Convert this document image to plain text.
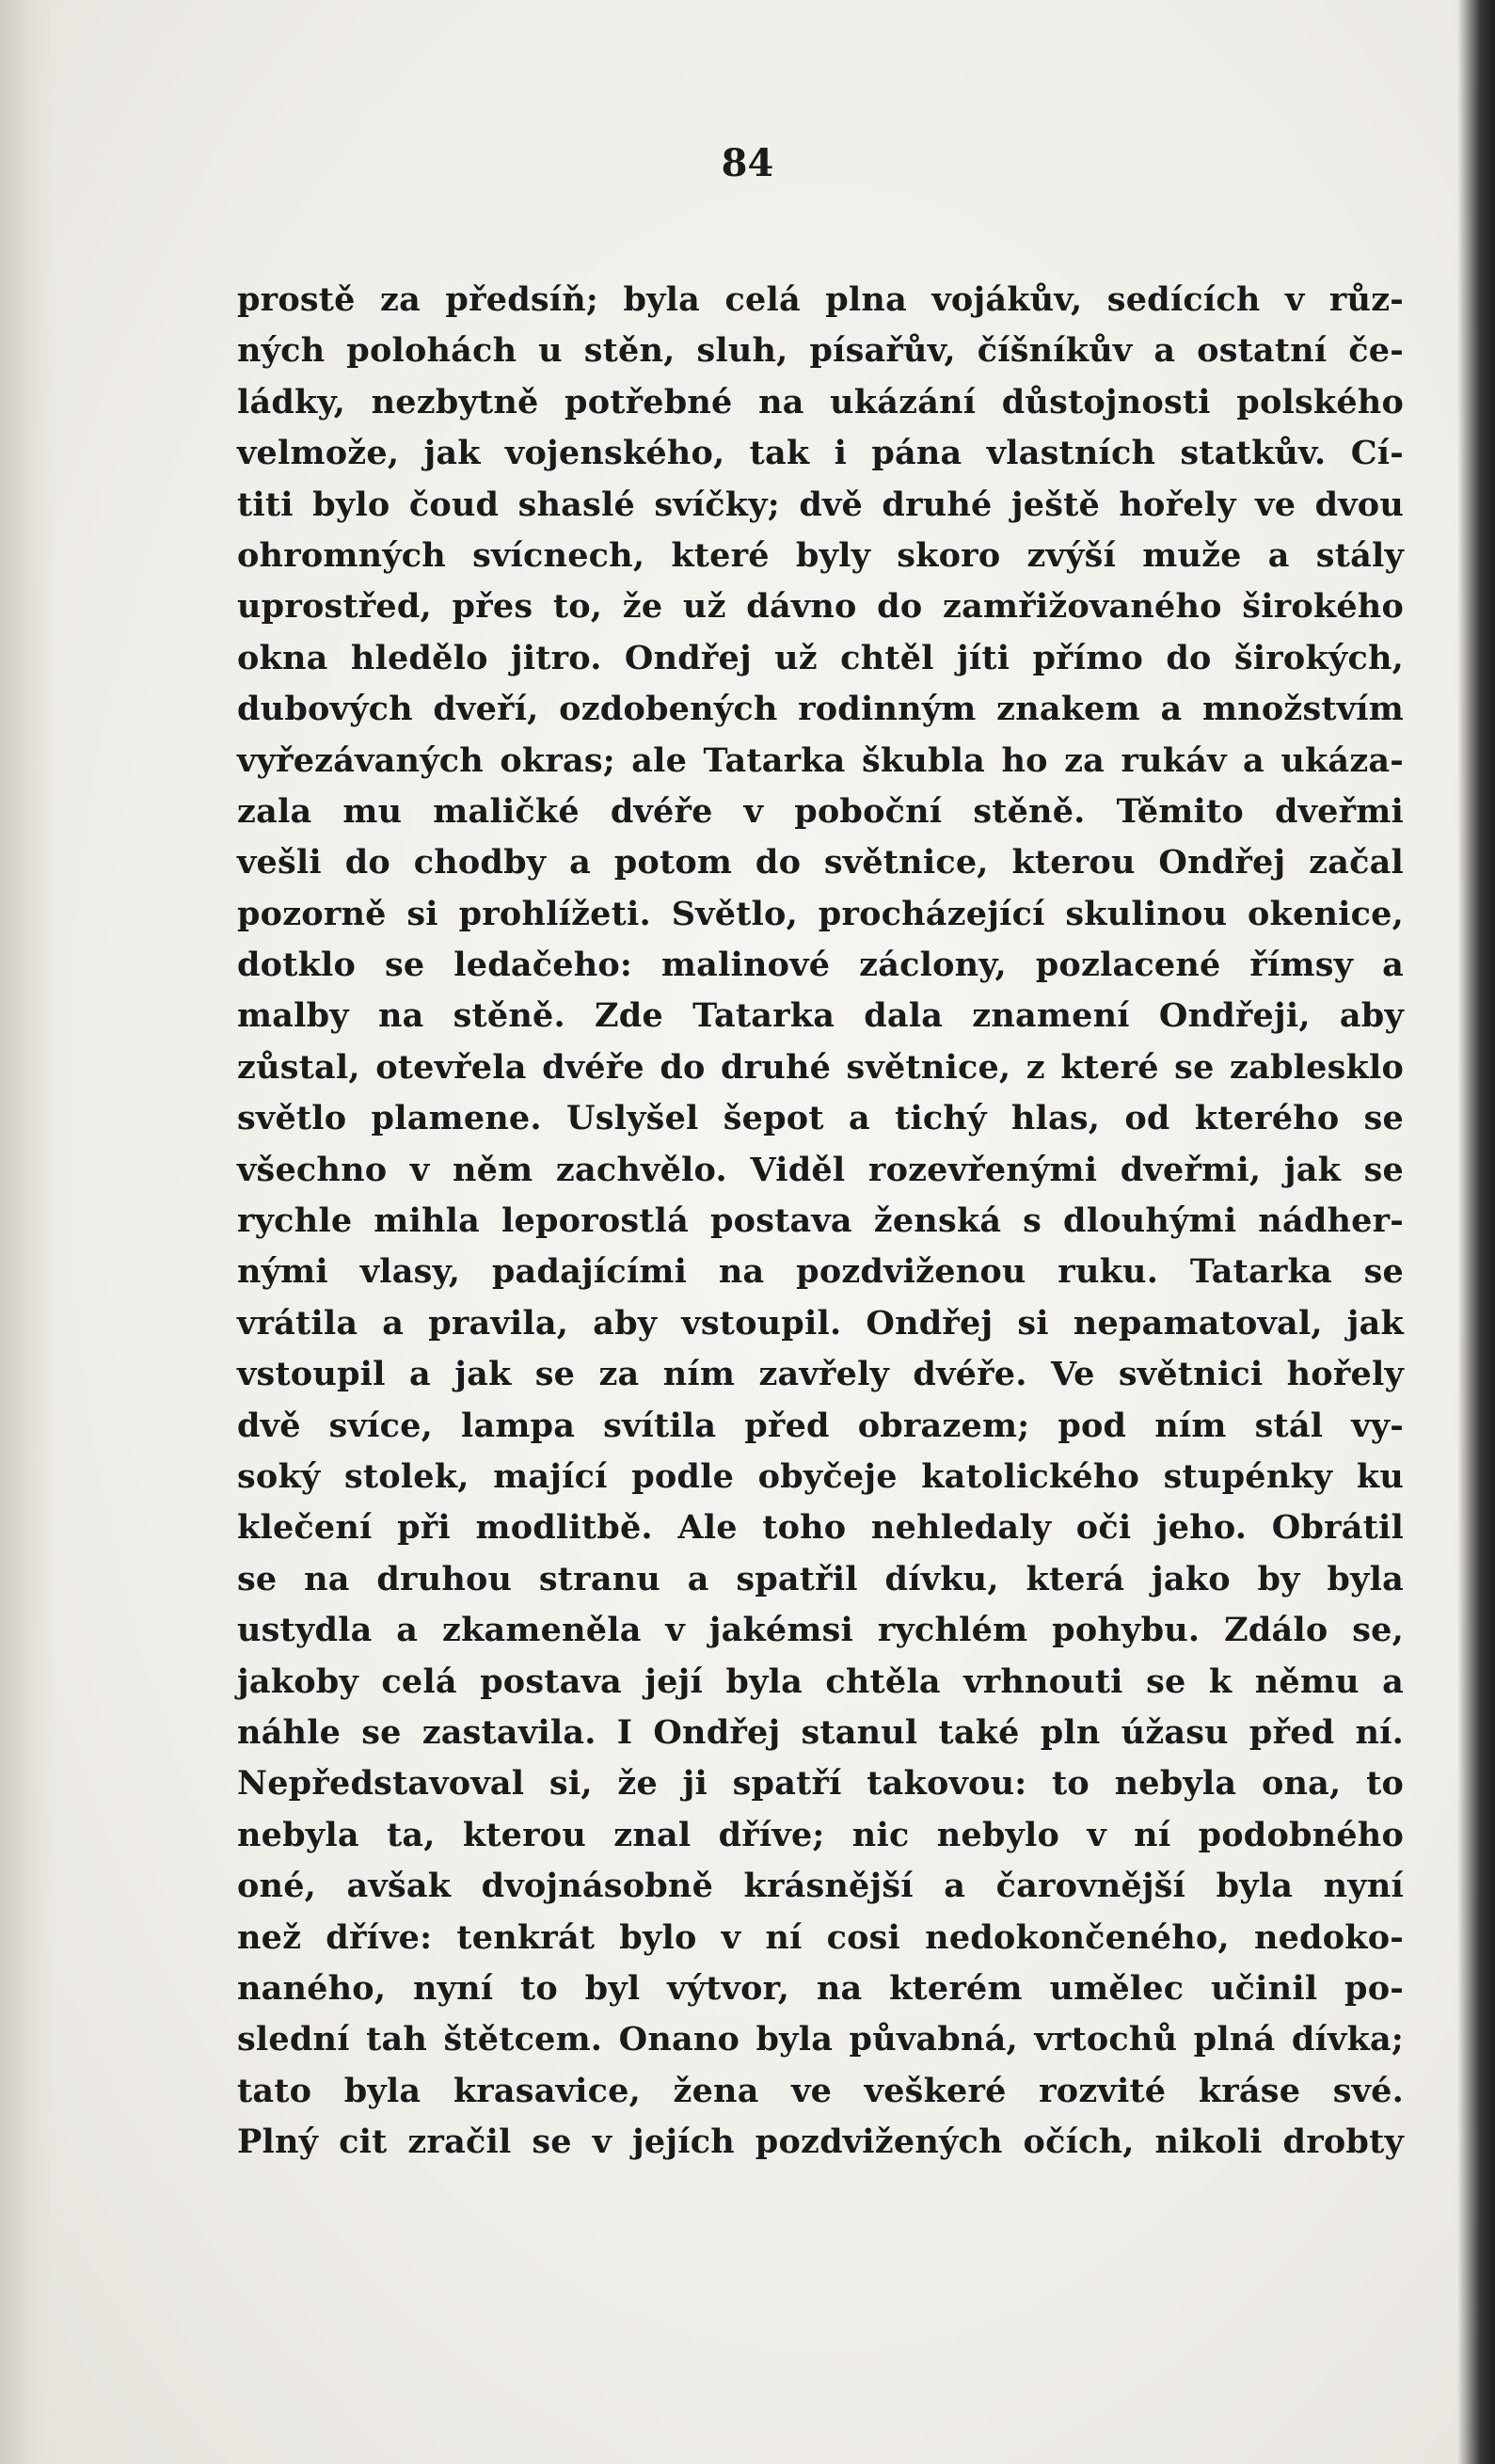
84
prostě za předsíň; byla celá plna vojákův, sedících v růz-
ných polohách u stěn, sluh, písařův, číšníkův a ostatní če-
ládky, nezbytně potřebné na ukázání důstojnosti polského
velmože, jak vojenského, tak i pána vlastních statkův. Cí-
titi bylo čoud shaslé svíčky; dvě druhé ještě hořely ve dvou
ohromných svícnech, které byly skoro zvýší muže a stály
uprostřed, přes to, že už dávno do zamřižovaného širokého
okna hledělo jitro. Ondřej už chtěl jíti přímo do širokých,
dubových dveří, ozdobených rodinným znakem a množstvím
vyřezávaných okras; ale Tatarka škubla ho za rukáv a ukáza-
zala mu maličké dvéře v poboční stěně. Těmito dveřmi
vešli do chodby a potom do světnice, kterou Ondřej začal
pozorně si prohlížeti. Světlo, procházející skulinou okenice,
dotklo se ledačeho: malinové záclony, pozlacené římsy a
malby na stěně. Zde Tatarka dala znamení Ondřeji, aby
zůstal, otevřela dvéře do druhé světnice, z které se zablesklo
světlo plamene. Uslyšel šepot a tichý hlas, od kterého se
všechno v něm zachvělo. Viděl rozevřenými dveřmi, jak se
rychle mihla leporostlá postava ženská s dlouhými nádher-
nými vlasy, padajícími na pozdviženou ruku. Tatarka se
vrátila a pravila, aby vstoupil. Ondřej si nepamatoval, jak
vstoupil a jak se za ním zavřely dvéře. Ve světnici hořely
dvě svíce, lampa svítila před obrazem; pod ním stál vy-
soký stolek, mající podle obyčeje katolického stupénky ku
klečení při modlitbě. Ale toho nehledaly oči jeho. Obrátil
se na druhou stranu a spatřil dívku, která jako by byla
ustydla a zkameněla v jakémsi rychlém pohybu. Zdálo se,
jakoby celá postava její byla chtěla vrhnouti se k němu a
náhle se zastavila. I Ondřej stanul také pln úžasu před ní.
Nepředstavoval si, že ji spatří takovou: to nebyla ona, to
nebyla ta, kterou znal dříve; nic nebylo v ní podobného
oné, avšak dvojnásobně krásnější a čarovnější byla nyní
než dříve: tenkrát bylo v ní cosi nedokončeného, nedoko-
naného, nyní to byl výtvor, na kterém umělec učinil po-
slední tah štětcem. Onano byla půvabná, vrtochů plná dívka;
tato byla krasavice, žena ve veškeré rozvité kráse své.
Plný cit zračil se v jejích pozdvižených očích, nikoli drobty
